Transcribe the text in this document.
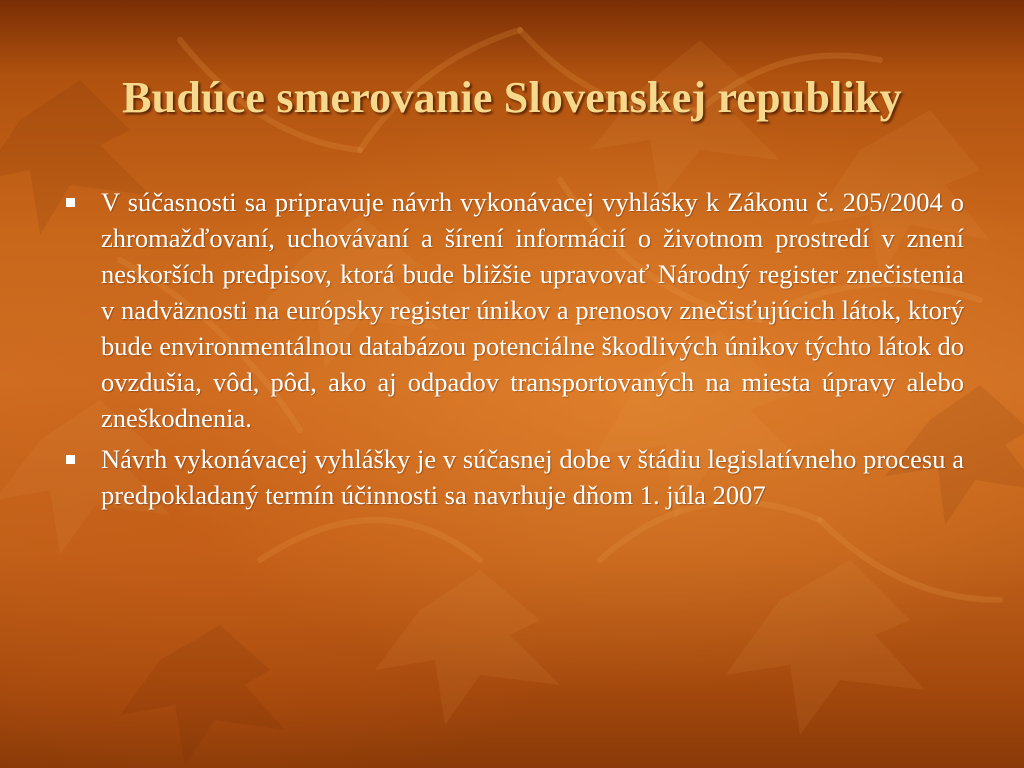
Budúce smerovanie Slovenskej republiky
V súčasnosti sa pripravuje návrh vykonávacej vyhlášky k Zákonu č. 205/2004 o zhromažďovaní, uchovávaní a šírení informácií o životnom prostredí v znení neskorších predpisov, ktorá bude bližšie upravovať Národný register znečistenia v nadväznosti na európsky register únikov a prenosov znečisťujúcich látok, ktorý bude environmentálnou databázou potenciálne škodlivých únikov týchto látok do ovzdušia, vôd, pôd, ako aj odpadov transportovaných na miesta úpravy alebo zneškodnenia.
Návrh vykonávacej vyhlášky je v súčasnej dobe v štádiu legislatívneho procesu a predpokladaný termín účinnosti sa navrhuje dňom 1. júla 2007
